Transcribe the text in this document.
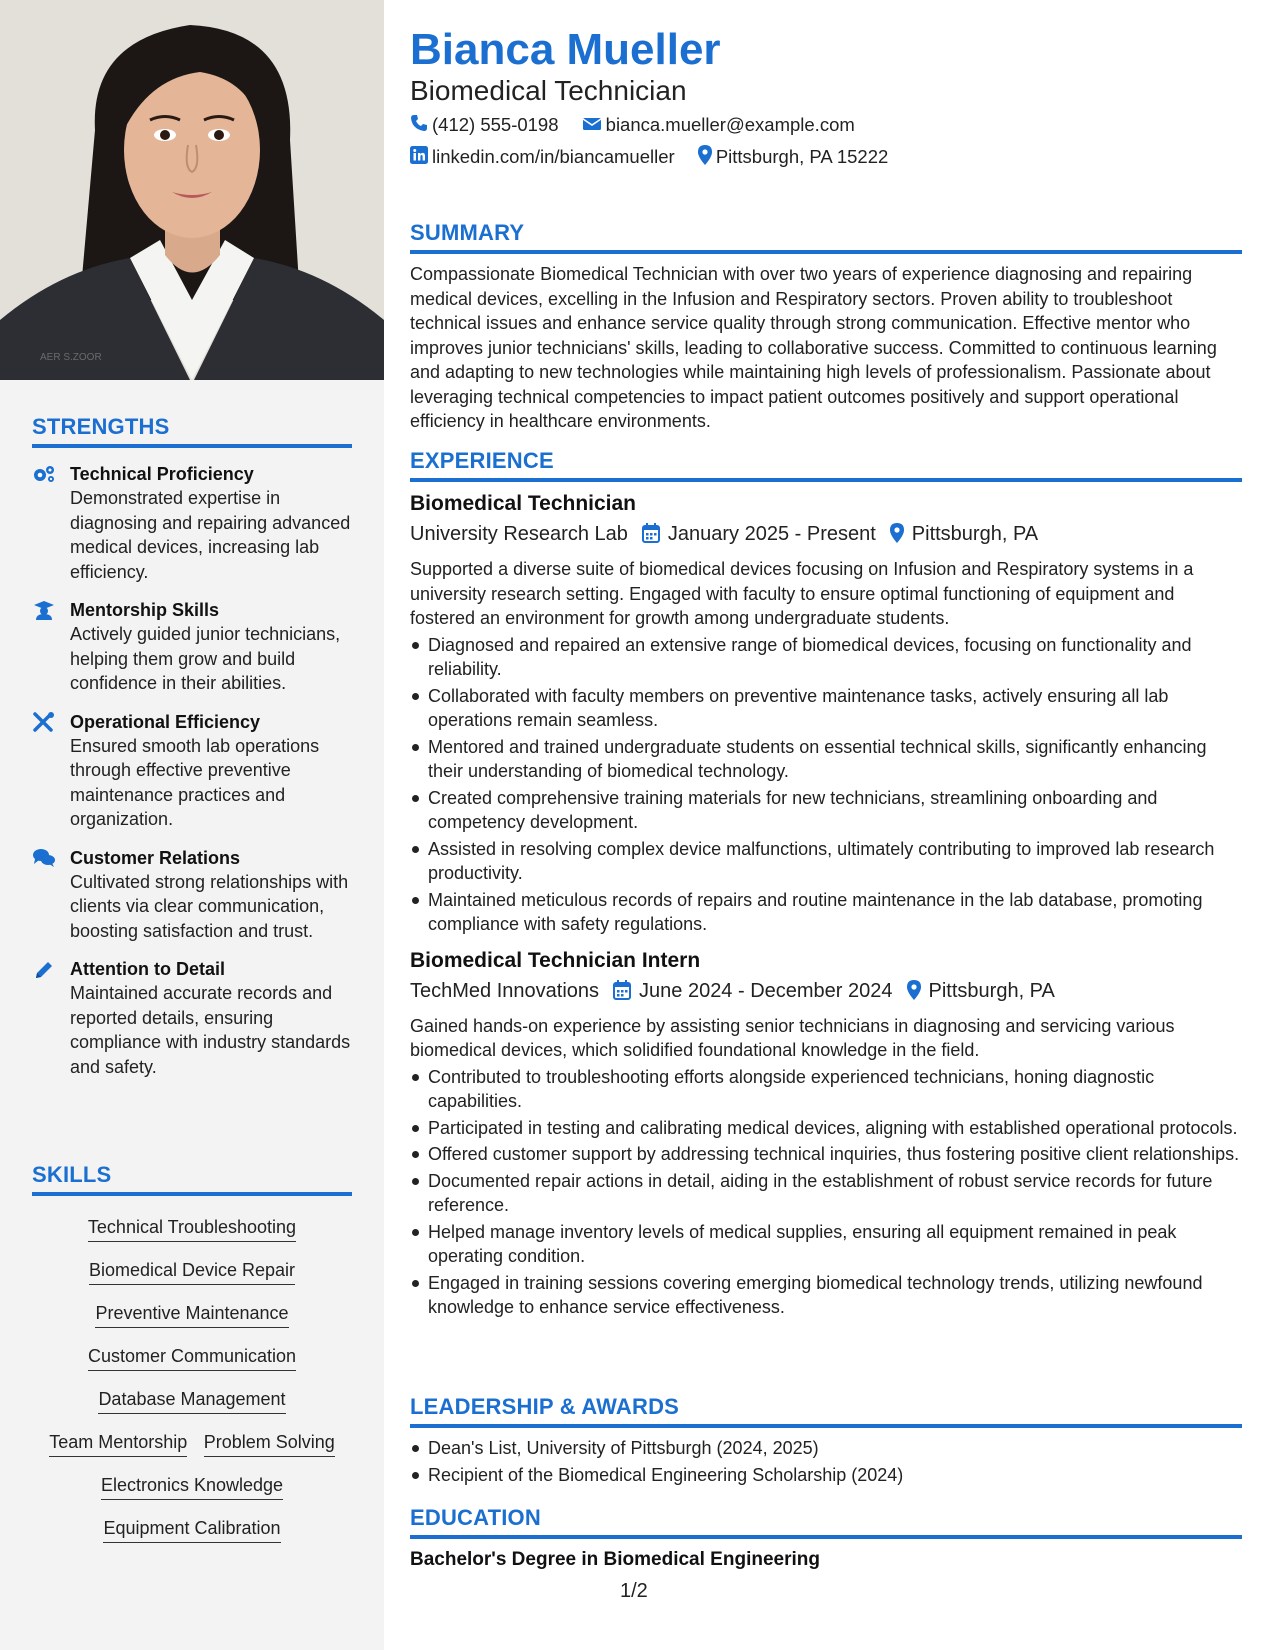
AER S.ZOOR
STRENGTHS
Technical Proficiency
Demonstrated expertise in diagnosing and repairing advanced medical devices, increasing lab efficiency.
Mentorship Skills
Actively guided junior technicians, helping them grow and build confidence in their abilities.
Operational Efficiency
Ensured smooth lab operations through effective preventive maintenance practices and organization.
Customer Relations
Cultivated strong relationships with clients via clear communication, boosting satisfaction and trust.
Attention to Detail
Maintained accurate records and reported details, ensuring compliance with industry standards and safety.
SKILLS
Technical Troubleshooting
Biomedical Device Repair
Preventive Maintenance
Customer Communication
Database Management
Team Mentorship Problem Solving
Electronics Knowledge
Equipment Calibration
Bianca Mueller
Biomedical Technician
(412) 555-0198	bianca.mueller@example.com
linkedin.com/in/biancamueller Pittsburgh, PA 15222
SUMMARY
Compassionate Biomedical Technician with over two years of experience diagnosing and repairing medical devices, excelling in the Infusion and Respiratory sectors. Proven ability to troubleshoot technical issues and enhance service quality through strong communication. Effective mentor who improves junior technicians' skills, leading to collaborative success. Committed to continuous learning and adapting to new technologies while maintaining high levels of professionalism. Passionate about leveraging technical competencies to impact patient outcomes positively and support operational efficiency in healthcare environments.
EXPERIENCE
Biomedical Technician
University Research Lab January 2025 - Present Pittsburgh, PA
Supported a diverse suite of biomedical devices focusing on Infusion and Respiratory systems in a university research setting. Engaged with faculty to ensure optimal functioning of equipment and fostered an environment for growth among undergraduate students.
Diagnosed and repaired an extensive range of biomedical devices, focusing on functionality and reliability.
Collaborated with faculty members on preventive maintenance tasks, actively ensuring all lab operations remain seamless.
Mentored and trained undergraduate students on essential technical skills, significantly enhancing their understanding of biomedical technology.
Created comprehensive training materials for new technicians, streamlining onboarding and competency development.
Assisted in resolving complex device malfunctions, ultimately contributing to improved lab research productivity.
Maintained meticulous records of repairs and routine maintenance in the lab database, promoting compliance with safety regulations.
Biomedical Technician Intern
TechMed Innovations June 2024 - December 2024 Pittsburgh, PA
Gained hands-on experience by assisting senior technicians in diagnosing and servicing various biomedical devices, which solidified foundational knowledge in the field.
Contributed to troubleshooting efforts alongside experienced technicians, honing diagnostic capabilities.
Participated in testing and calibrating medical devices, aligning with established operational protocols.
Offered customer support by addressing technical inquiries, thus fostering positive client relationships.
Documented repair actions in detail, aiding in the establishment of robust service records for future reference.
Helped manage inventory levels of medical supplies, ensuring all equipment remained in peak operating condition.
Engaged in training sessions covering emerging biomedical technology trends, utilizing newfound knowledge to enhance service effectiveness.
LEADERSHIP & AWARDS
Dean's List, University of Pittsburgh (2024, 2025)
Recipient of the Biomedical Engineering Scholarship (2024)
EDUCATION
Bachelor's Degree in Biomedical Engineering
1/2
